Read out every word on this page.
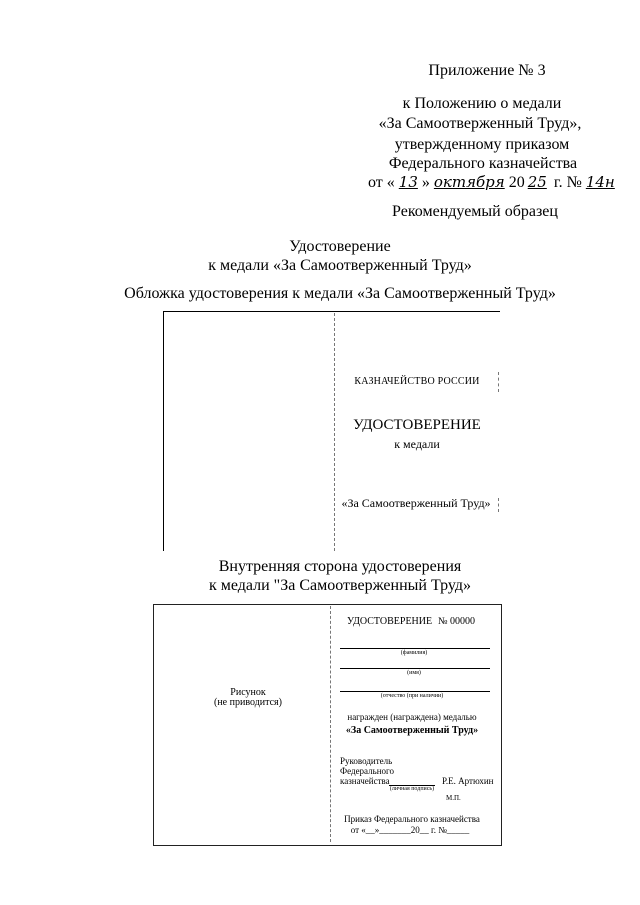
Приложение № 3
к Положению о медали
«За Самоотверженный Труд»,
утвержденному приказом
Федерального казначейства
от « 13 » октября 20 25 г. № 14н
Рекомендуемый образец
Удостоверение
к медали «За Самоотверженный Труд»
Обложка удостоверения к медали «За Самоотверженный Труд»
КАЗНАЧЕЙСТВО РОССИИ
УДОСТОВЕРЕНИЕ
к медали
«За Самоотверженный Труд»
Внутренняя сторона удостоверения
к медали "За Самоотверженный Труд»
Рисунок
(не приводится)
УДОСТОВЕРЕНИЕ № 00000
(фамилия)
(имя)
(отчество (при наличии)
награжден (награждена) медалью
«За Самоотверженный Труд»
Руководитель
Федерального
казначейства	Р.Е. Артюхин
(личная подпись)
М.П.
Приказ Федерального казначейства
от «__»_______20__ г. №_____
